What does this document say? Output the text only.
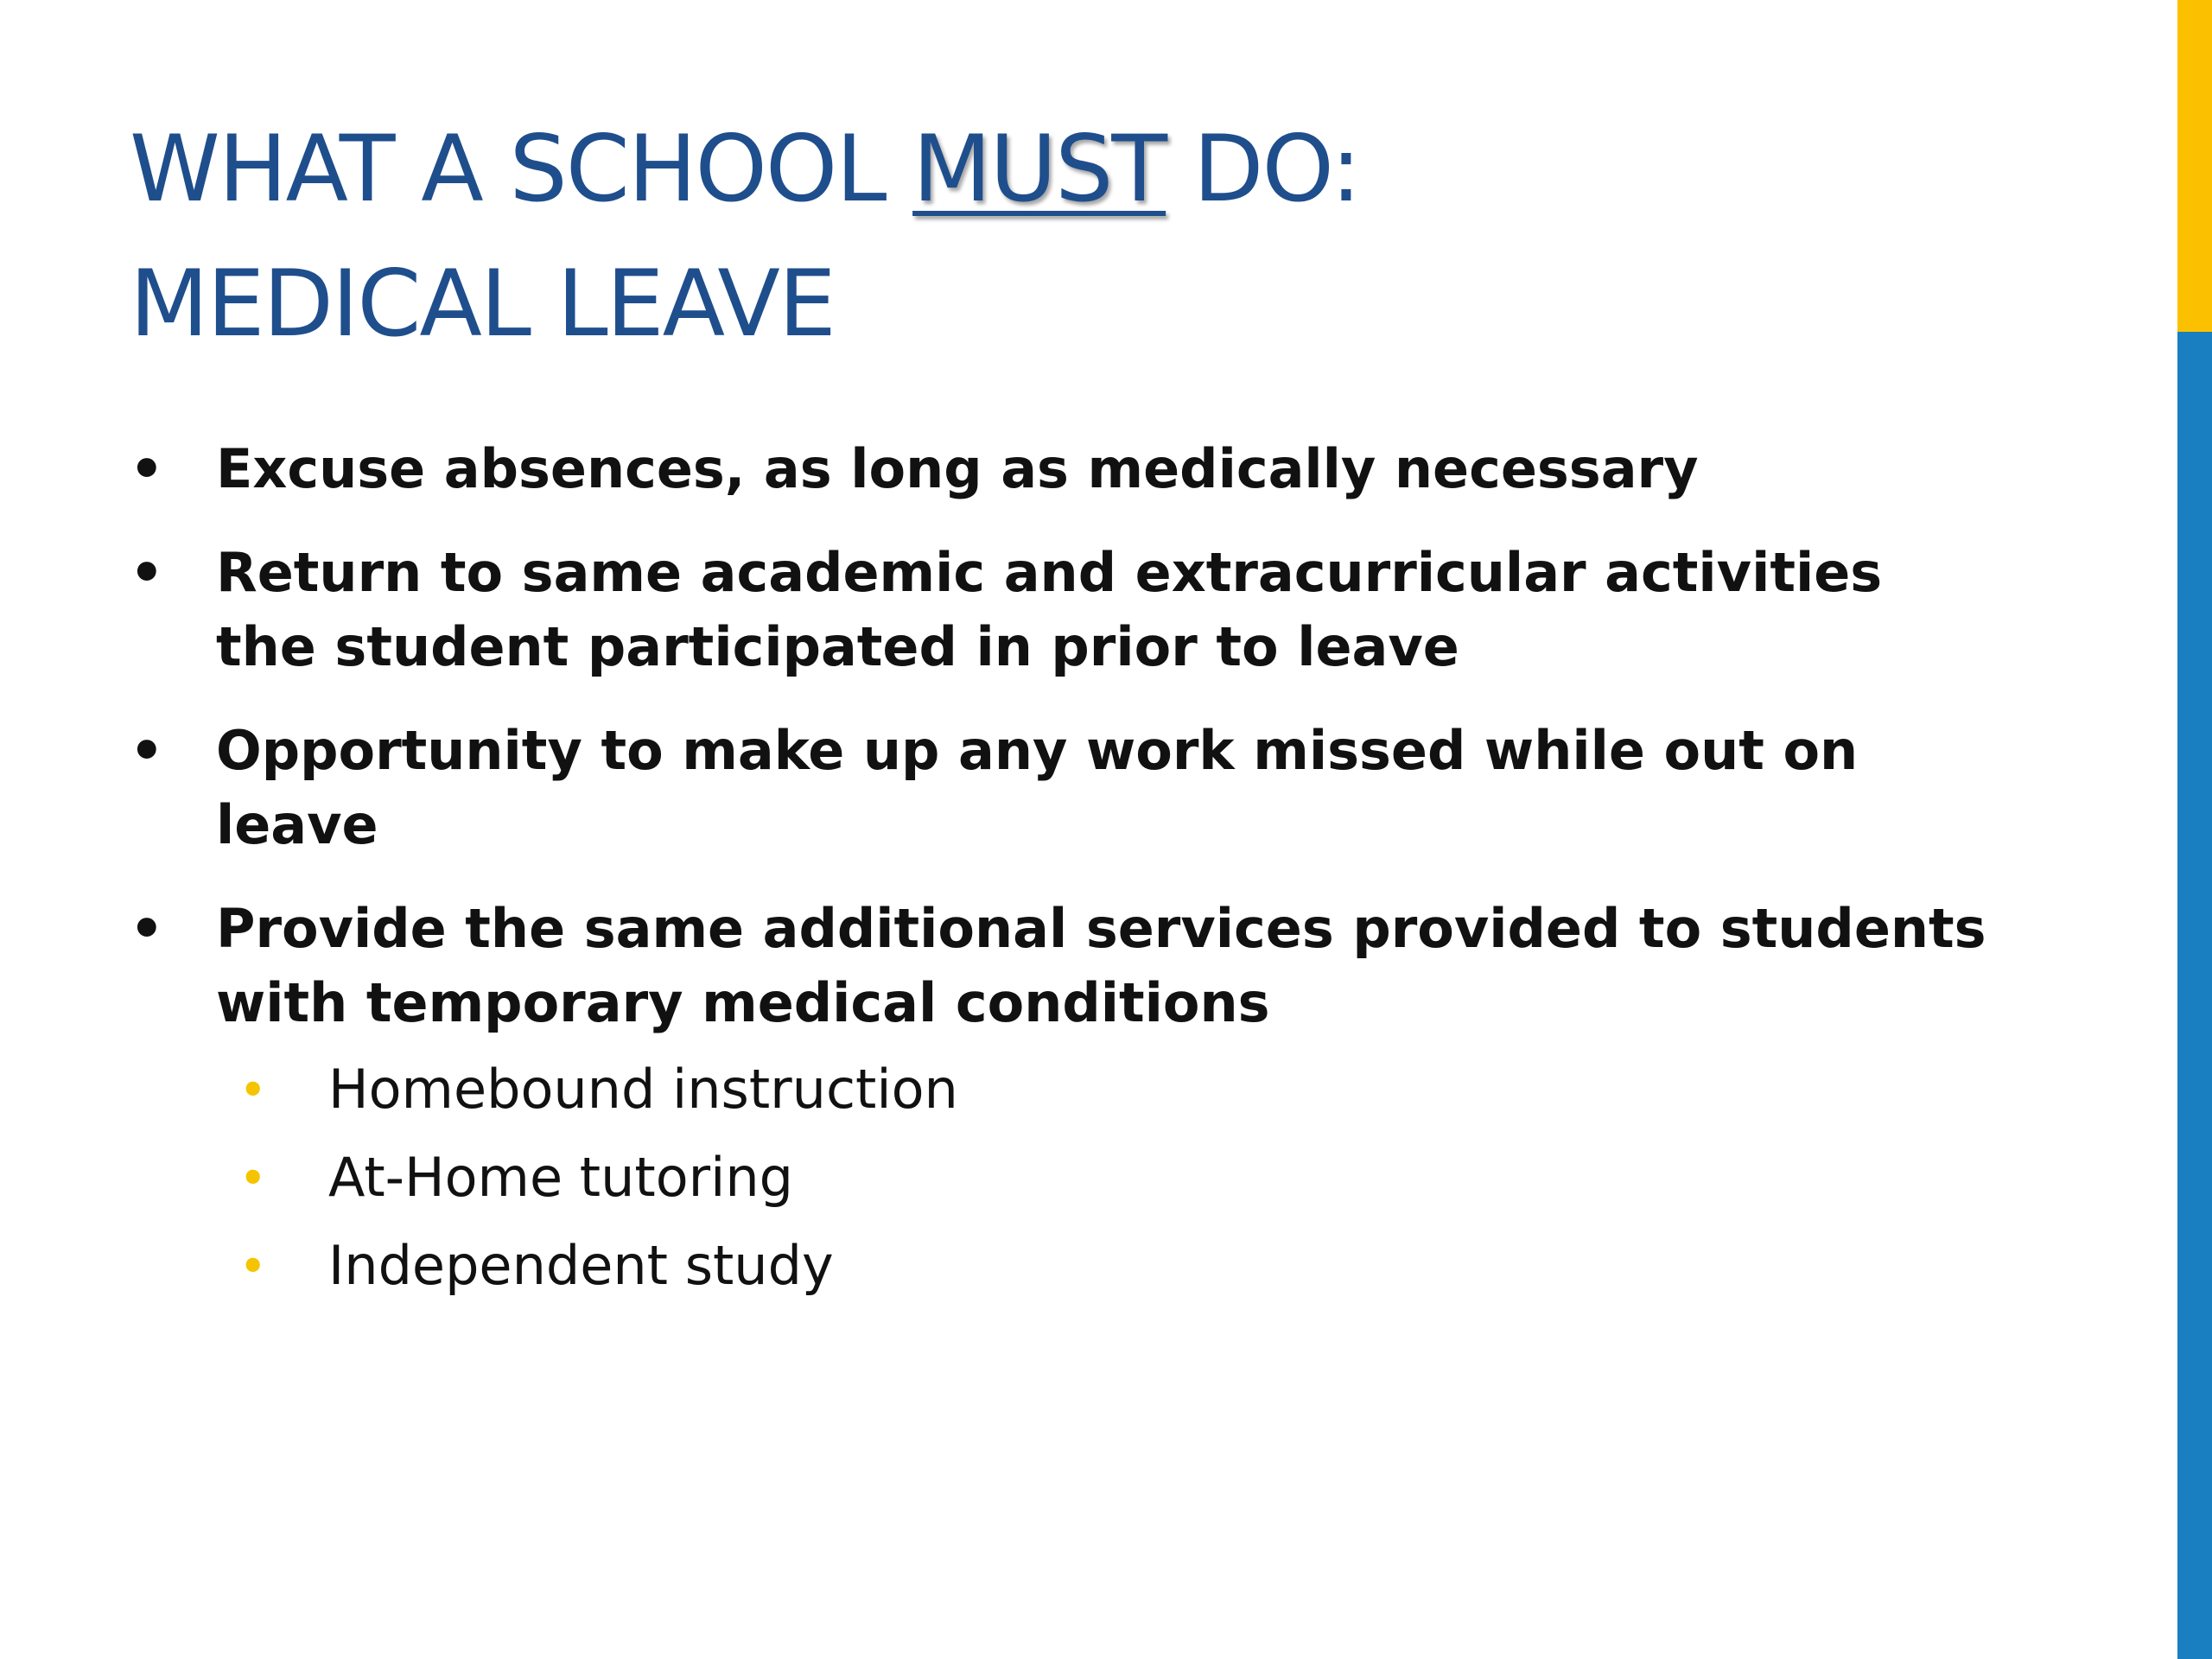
WHAT A SCHOOL MUST DO:
MEDICAL LEAVE
• Excuse absences, as long as medically necessary
• Return to same academic and extracurricular activities the student participated in prior to leave
• Opportunity to make up any work missed while out on leave
• Provide the same additional services provided to students with temporary medical conditions
• Homebound instruction
• At-Home tutoring
• Independent study
